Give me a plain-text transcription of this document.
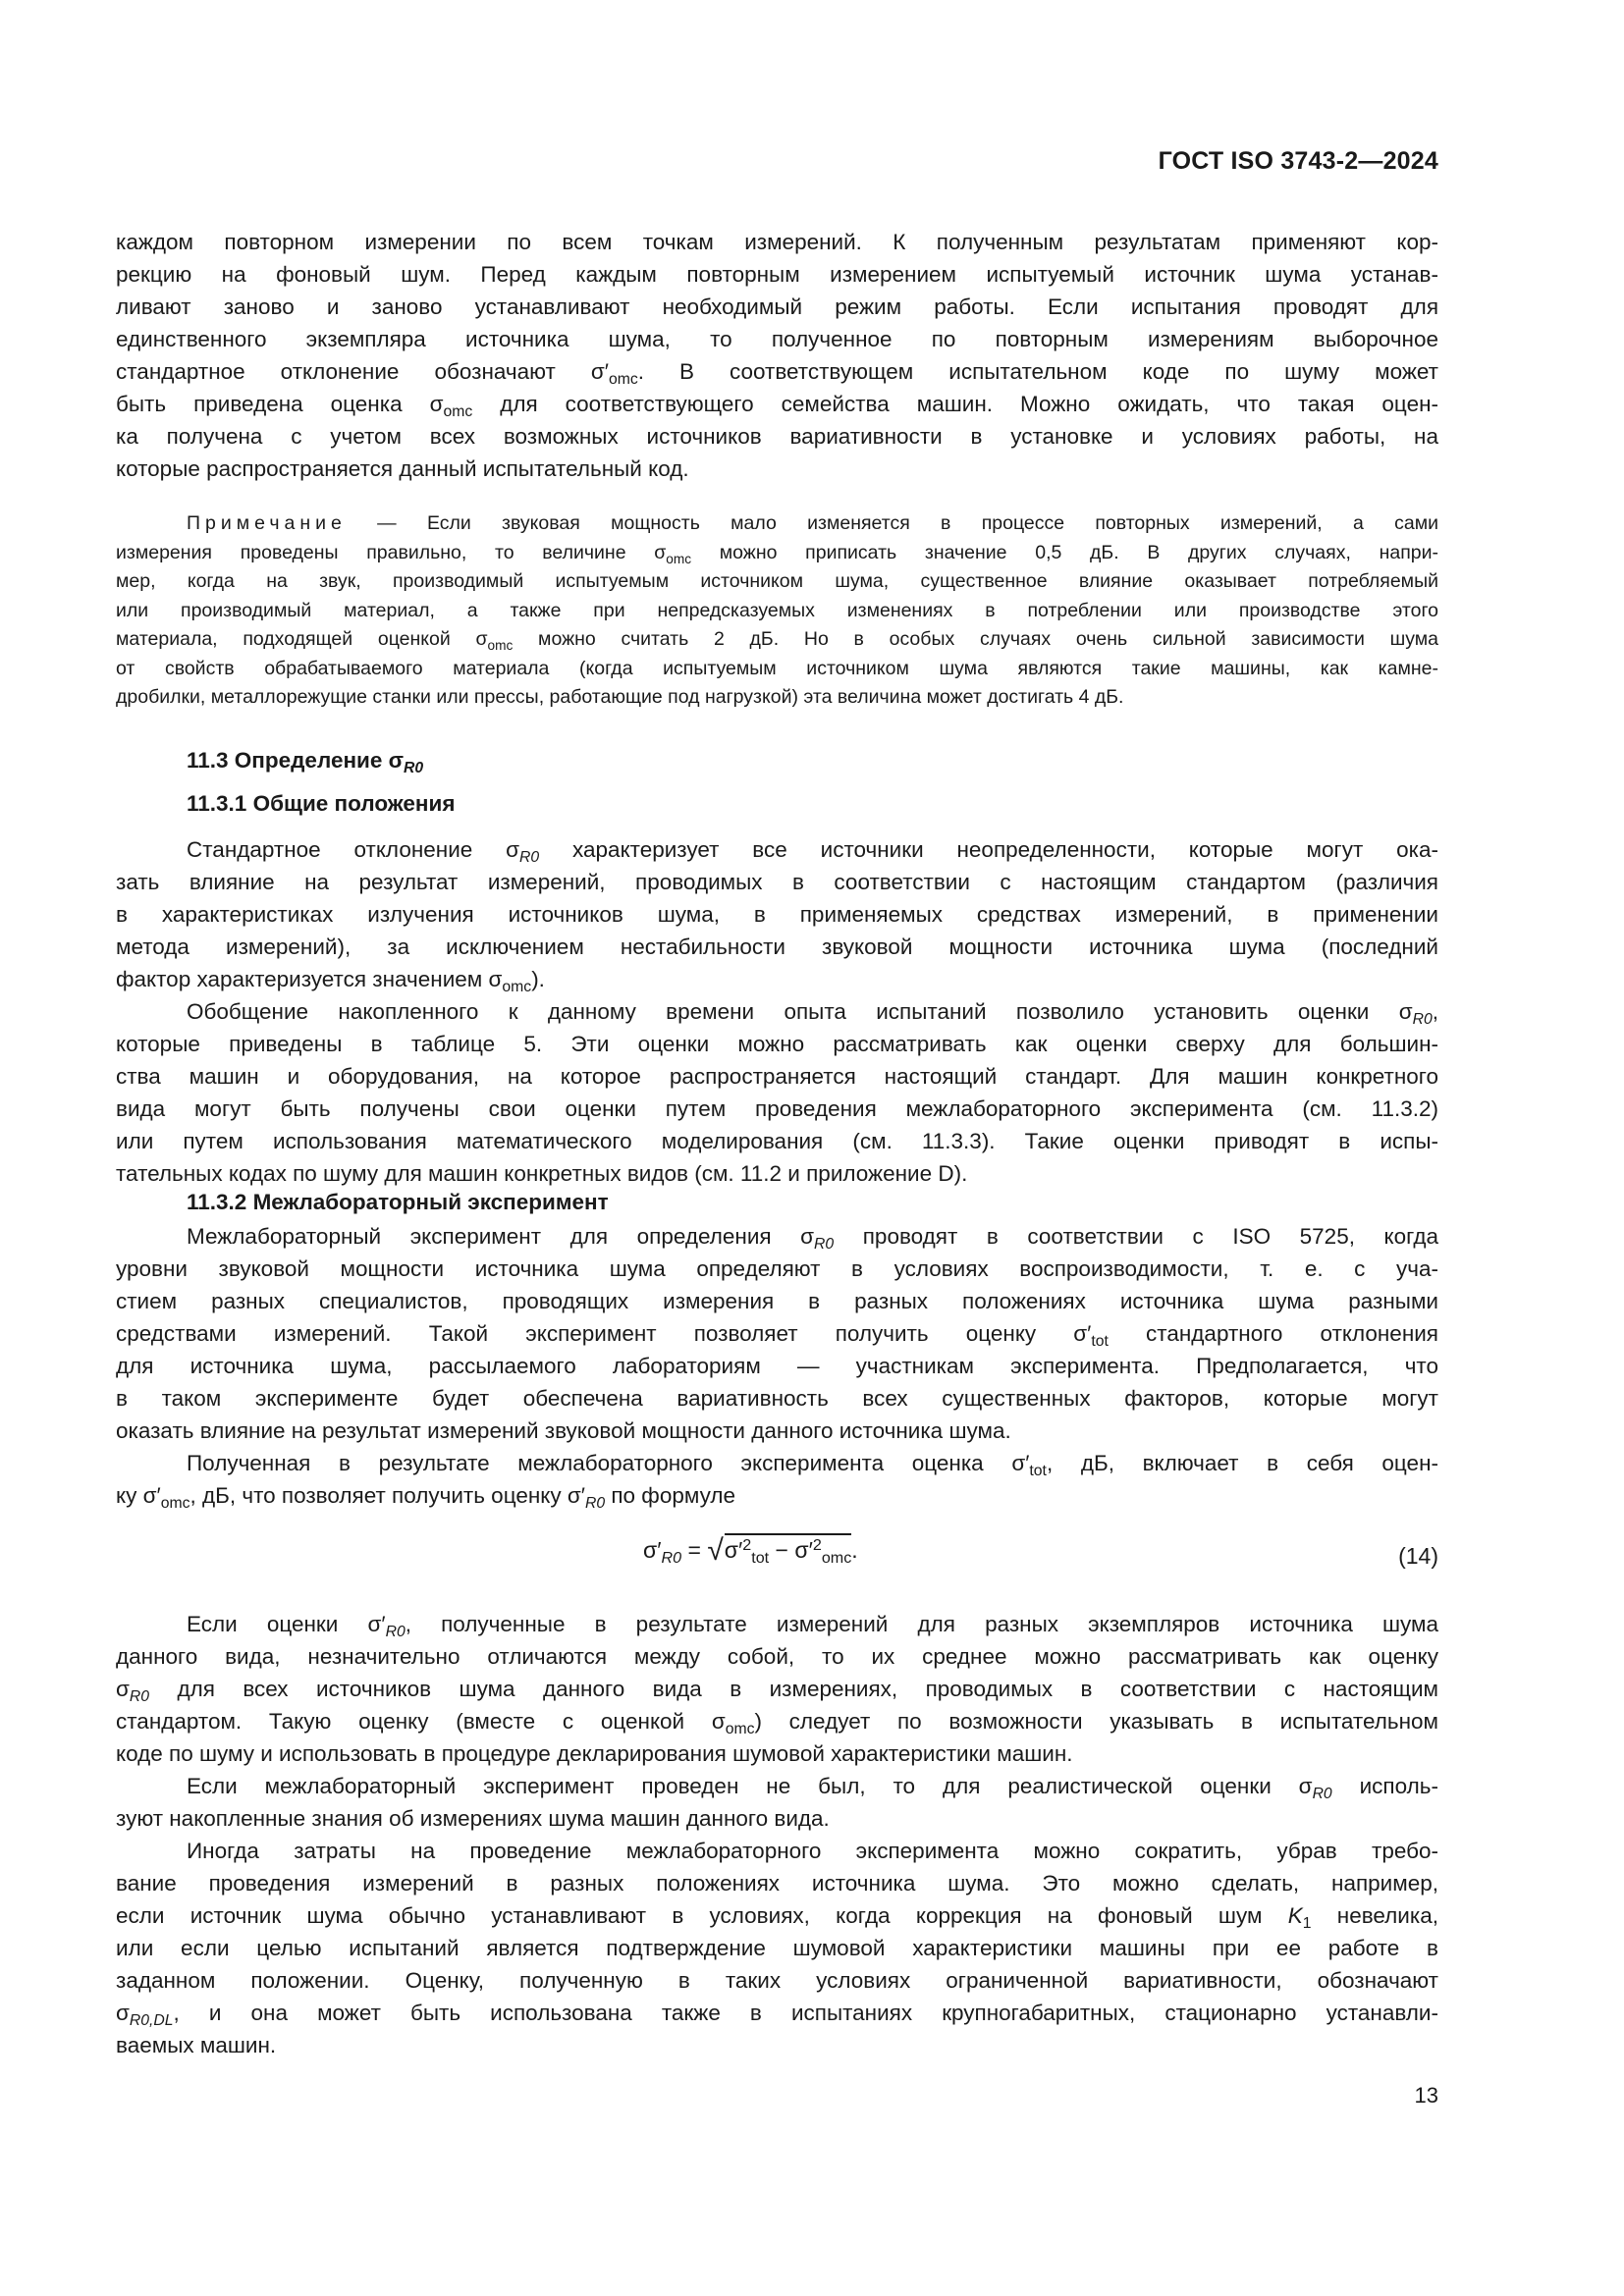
ГОСТ ISO 3743-2—2024
каждом повторном измерении по всем точкам измерений. К полученным результатам применяют кор-
рекцию на фоновый шум. Перед каждым повторным измерением испытуемый источник шума устанав-
ливают заново и заново устанавливают необходимый режим работы. Если испытания проводят для
единственного экземпляра источника шума, то полученное по повторным измерениям выборочное
стандартное отклонение обозначают $\sigma'_{omc}$. В соответствующем испытательном коде по шуму может
быть приведена оценка $\sigma_{omc}$ для соответствующего семейства машин. Можно ожидать, что такая оцен-
ка получена с учетом всех возможных источников вариативности в установке и условиях работы, на
которые распространяется данный испытательный код.
Примечание — Если звуковая мощность мало изменяется в процессе повторных измерений, а сами
измерения проведены правильно, то величине $\sigma_{omc}$ можно приписать значение 0,5 дБ. В других случаях, напри-
мер, когда на звук, производимый испытуемым источником шума, существенное влияние оказывает потребляемый
или производимый материал, а также при непредсказуемых изменениях в потреблении или производстве этого
материала, подходящей оценкой $\sigma_{omc}$ можно считать 2 дБ. Но в особых случаях очень сильной зависимости шума
от свойств обрабатываемого материала (когда испытуемым источником шума являются такие машины, как камне-
дробилки, металлорежущие станки или прессы, работающие под нагрузкой) эта величина может достигать 4 дБ.
Стандартное отклонение $\sigma_{R0}$ характеризует все источники неопределенности, которые могут ока-
зать влияние на результат измерений, проводимых в соответствии с настоящим стандартом (различия
в характеристиках излучения источников шума, в применяемых средствах измерений, в применении
метода измерений), за исключением нестабильности звуковой мощности источника шума (последний
фактор характеризуется значением $\sigma_{omc}$).
Обобщение накопленного к данному времени опыта испытаний позволило установить оценки $\sigma_{R0}$,
которые приведены в таблице 5. Эти оценки можно рассматривать как оценки сверху для большин-
ства машин и оборудования, на которое распространяется настоящий стандарт. Для машин конкретного
вида могут быть получены свои оценки путем проведения межлабораторного эксперимента (см. 11.3.2)
или путем использования математического моделирования (см. 11.3.3). Такие оценки приводят в испы-
тательных кодах по шуму для машин конкретных видов (см. 11.2 и приложение D).
Межлабораторный эксперимент для определения $\sigma_{R0}$ проводят в соответствии с ISO 5725, когда
уровни звуковой мощности источника шума определяют в условиях воспроизводимости, т. е. с уча-
стием разных специалистов, проводящих измерения в разных положениях источника шума разными
средствами измерений. Такой эксперимент позволяет получить оценку $\sigma'_{tot}$ стандартного отклонения
для источника шума, рассылаемого лабораториям — участникам эксперимента. Предполагается, что
в таком эксперименте будет обеспечена вариативность всех существенных факторов, которые могут
оказать влияние на результат измерений звуковой мощности данного источника шума.
Полученная в результате межлабораторного эксперимента оценка $\sigma'_{tot}$, дБ, включает в себя оцен-
ку $\sigma'_{omc}$, дБ, что позволяет получить оценку $\sigma'_{R0}$ по формуле
Если оценки $\sigma'_{R0}$, полученные в результате измерений для разных экземпляров источника шума
данного вида, незначительно отличаются между собой, то их среднее можно рассматривать как оценку
$\sigma_{R0}$ для всех источников шума данного вида в измерениях, проводимых в соответствии с настоящим
стандартом. Такую оценку (вместе с оценкой $\sigma_{omc}$) следует по возможности указывать в испытательном
коде по шуму и использовать в процедуре декларирования шумовой характеристики машин.
Если межлабораторный эксперимент проведен не был, то для реалистической оценки $\sigma_{R0}$ исполь-
зуют накопленные знания об измерениях шума машин данного вида.
Иногда затраты на проведение межлабораторного эксперимента можно сократить, убрав требо-
вание проведения измерений в разных положениях источника шума. Это можно сделать, например,
если источник шума обычно устанавливают в условиях, когда коррекция на фоновый шум $K_1$ невелика,
или если целью испытаний является подтверждение шумовой характеристики машины при ее работе в
заданном положении. Оценку, полученную в таких условиях ограниченной вариативности, обозначают
$\sigma_{R0,DL}$, и она может быть использована также в испытаниях крупногабаритных, стационарно устанавли-
ваемых машин.
11.3 Определение $\sigma_{R0}$
11.3.1 Общие положения
11.3.2 Межлабораторный эксперимент
$\sigma'_{R0} = √\sigma'^2_{tot} - \sigma'^2_{omc}$.	(14)
13
